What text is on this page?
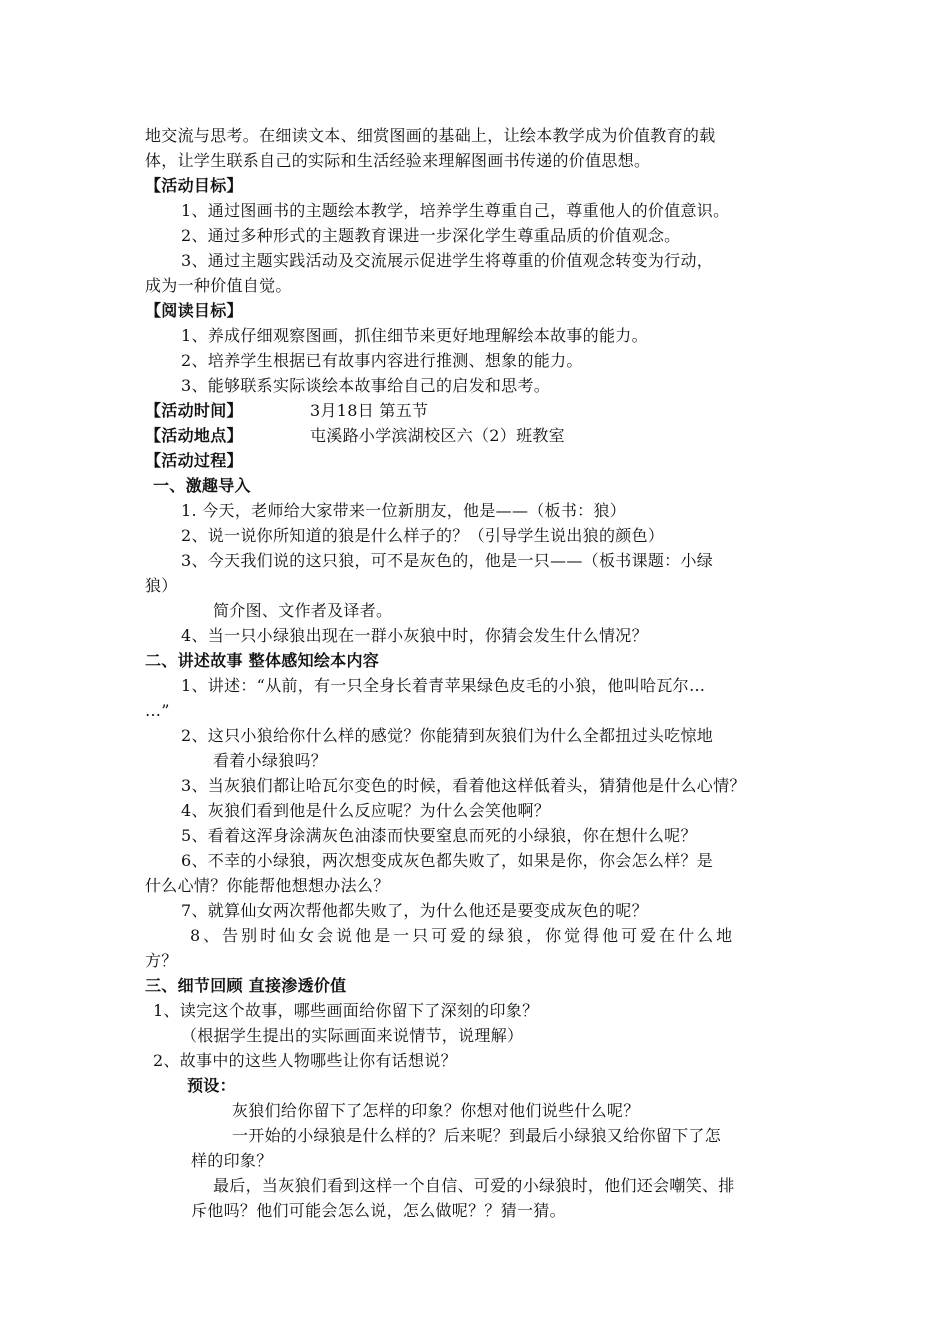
地交流与思考。在细读文本、细赏图画的基础上，让绘本教学成为价值教育的载
体，让学生联系自己的实际和生活经验来理解图画书传递的价值思想。
【活动目标】
1、通过图画书的主题绘本教学，培养学生尊重自己，尊重他人的价值意识。
2、通过多种形式的主题教育课进一步深化学生尊重品质的价值观念。
3、通过主题实践活动及交流展示促进学生将尊重的价值观念转变为行动，
成为一种价值自觉。
【阅读目标】
1、养成仔细观察图画，抓住细节来更好地理解绘本故事的能力。
2、培养学生根据已有故事内容进行推测、想象的能力。
3、能够联系实际谈绘本故事给自己的启发和思考。
【活动时间】	3月18日 第五节
【活动地点】	屯溪路小学滨湖校区六（2）班教室
【活动过程】
一、激趣导入
1. 今天，老师给大家带来一位新朋友，他是——（板书：狼）
2、说一说你所知道的狼是什么样子的？（引导学生说出狼的颜色）
3、今天我们说的这只狼，可不是灰色的，他是一只——（板书课题：小绿
狼）
简介图、文作者及译者。
4、当一只小绿狼出现在一群小灰狼中时，你猜会发生什么情况？
二、讲述故事 整体感知绘本内容
1、讲述：“从前，有一只全身长着青苹果绿色皮毛的小狼，他叫哈瓦尔…
…”
2、这只小狼给你什么样的感觉？你能猜到灰狼们为什么全都扭过头吃惊地
看着小绿狼吗？
3、当灰狼们都让哈瓦尔变色的时候，看着他这样低着头，猜猜他是什么心情？
4、灰狼们看到他是什么反应呢？为什么会笑他啊？
5、看着这浑身涂满灰色油漆而快要窒息而死的小绿狼，你在想什么呢？
6、不幸的小绿狼，两次想变成灰色都失败了，如果是你，你会怎么样？是
什么心情？你能帮他想想办法么？
7、就算仙女两次帮他都失败了，为什么他还是要变成灰色的呢？
8、告别时仙女会说他是一只可爱的绿狼，你觉得他可爱在什么地
方？
三、细节回顾 直接渗透价值
1、读完这个故事，哪些画面给你留下了深刻的印象？
（根据学生提出的实际画面来说情节，说理解）
2、故事中的这些人物哪些让你有话想说？
预设：
灰狼们给你留下了怎样的印象？你想对他们说些什么呢？
一开始的小绿狼是什么样的？后来呢？到最后小绿狼又给你留下了怎
样的印象？
最后，当灰狼们看到这样一个自信、可爱的小绿狼时，他们还会嘲笑、排
斥他吗？他们可能会怎么说，怎么做呢？？猜一猜。
